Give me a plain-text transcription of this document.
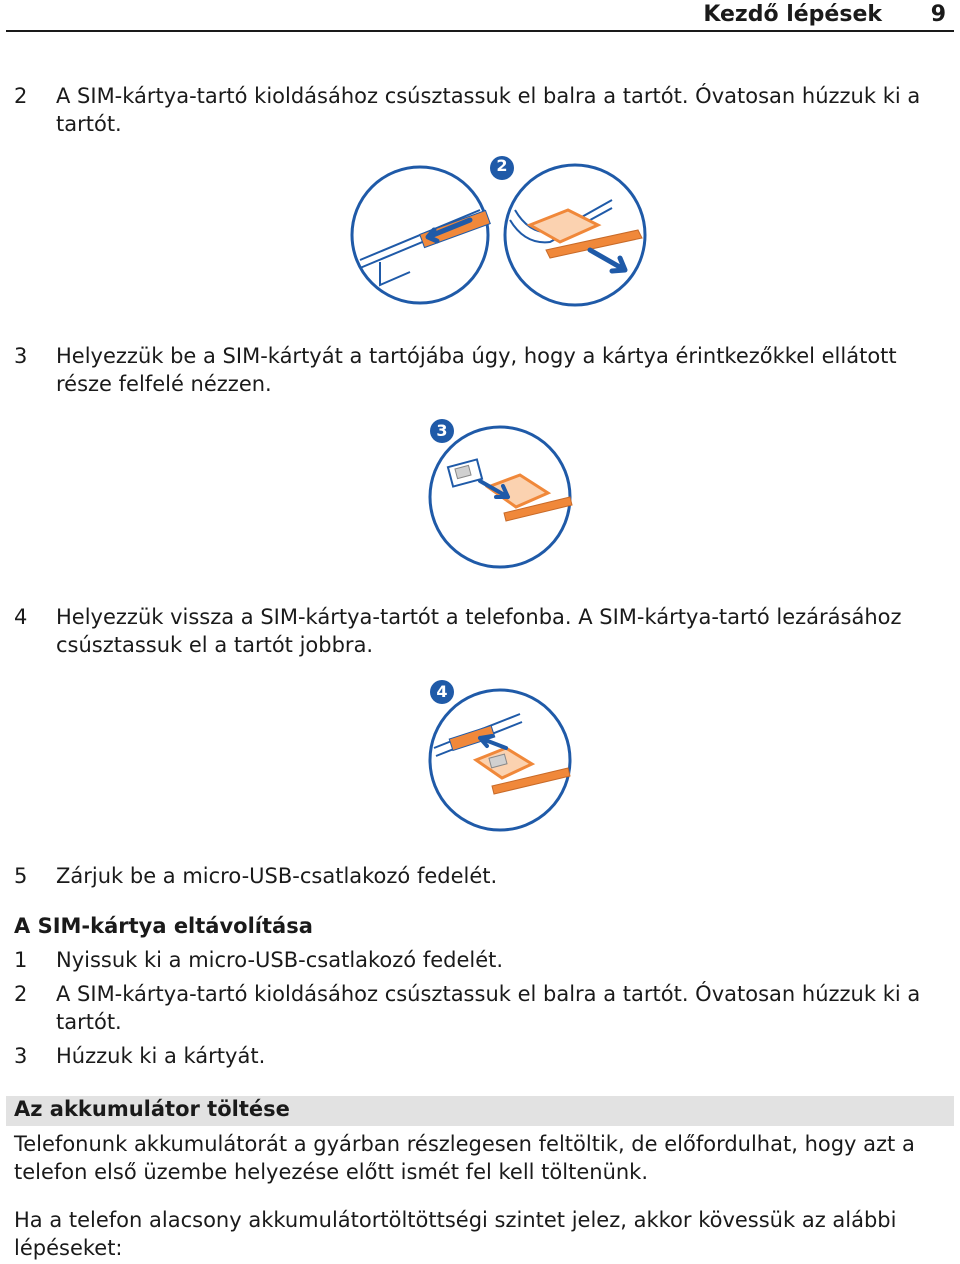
Kezdő lépések 9
2 A SIM-kártya-tartó kioldásához csúsztassuk el balra a tartót. Óvatosan húzzuk ki a tartót.
2
3 Helyezzük be a SIM-kártyát a tartójába úgy, hogy a kártya érintkezőkkel ellátott része felfelé nézzen.
3
4 Helyezzük vissza a SIM-kártya-tartót a telefonba. A SIM-kártya-tartó lezárásához csúsztassuk el a tartót jobbra.
4
5 Zárjuk be a micro-USB-csatlakozó fedelét.
A SIM-kártya eltávolítása
1 Nyissuk ki a micro-USB-csatlakozó fedelét.
2 A SIM-kártya-tartó kioldásához csúsztassuk el balra a tartót. Óvatosan húzzuk ki a tartót.
3 Húzzuk ki a kártyát.
Az akkumulátor töltése
Telefonunk akkumulátorát a gyárban részlegesen feltöltik, de előfordulhat, hogy azt a telefon első üzembe helyezése előtt ismét fel kell töltenünk.
Ha a telefon alacsony akkumulátortöltöttségi szintet jelez, akkor kövessük az alábbi lépéseket:
